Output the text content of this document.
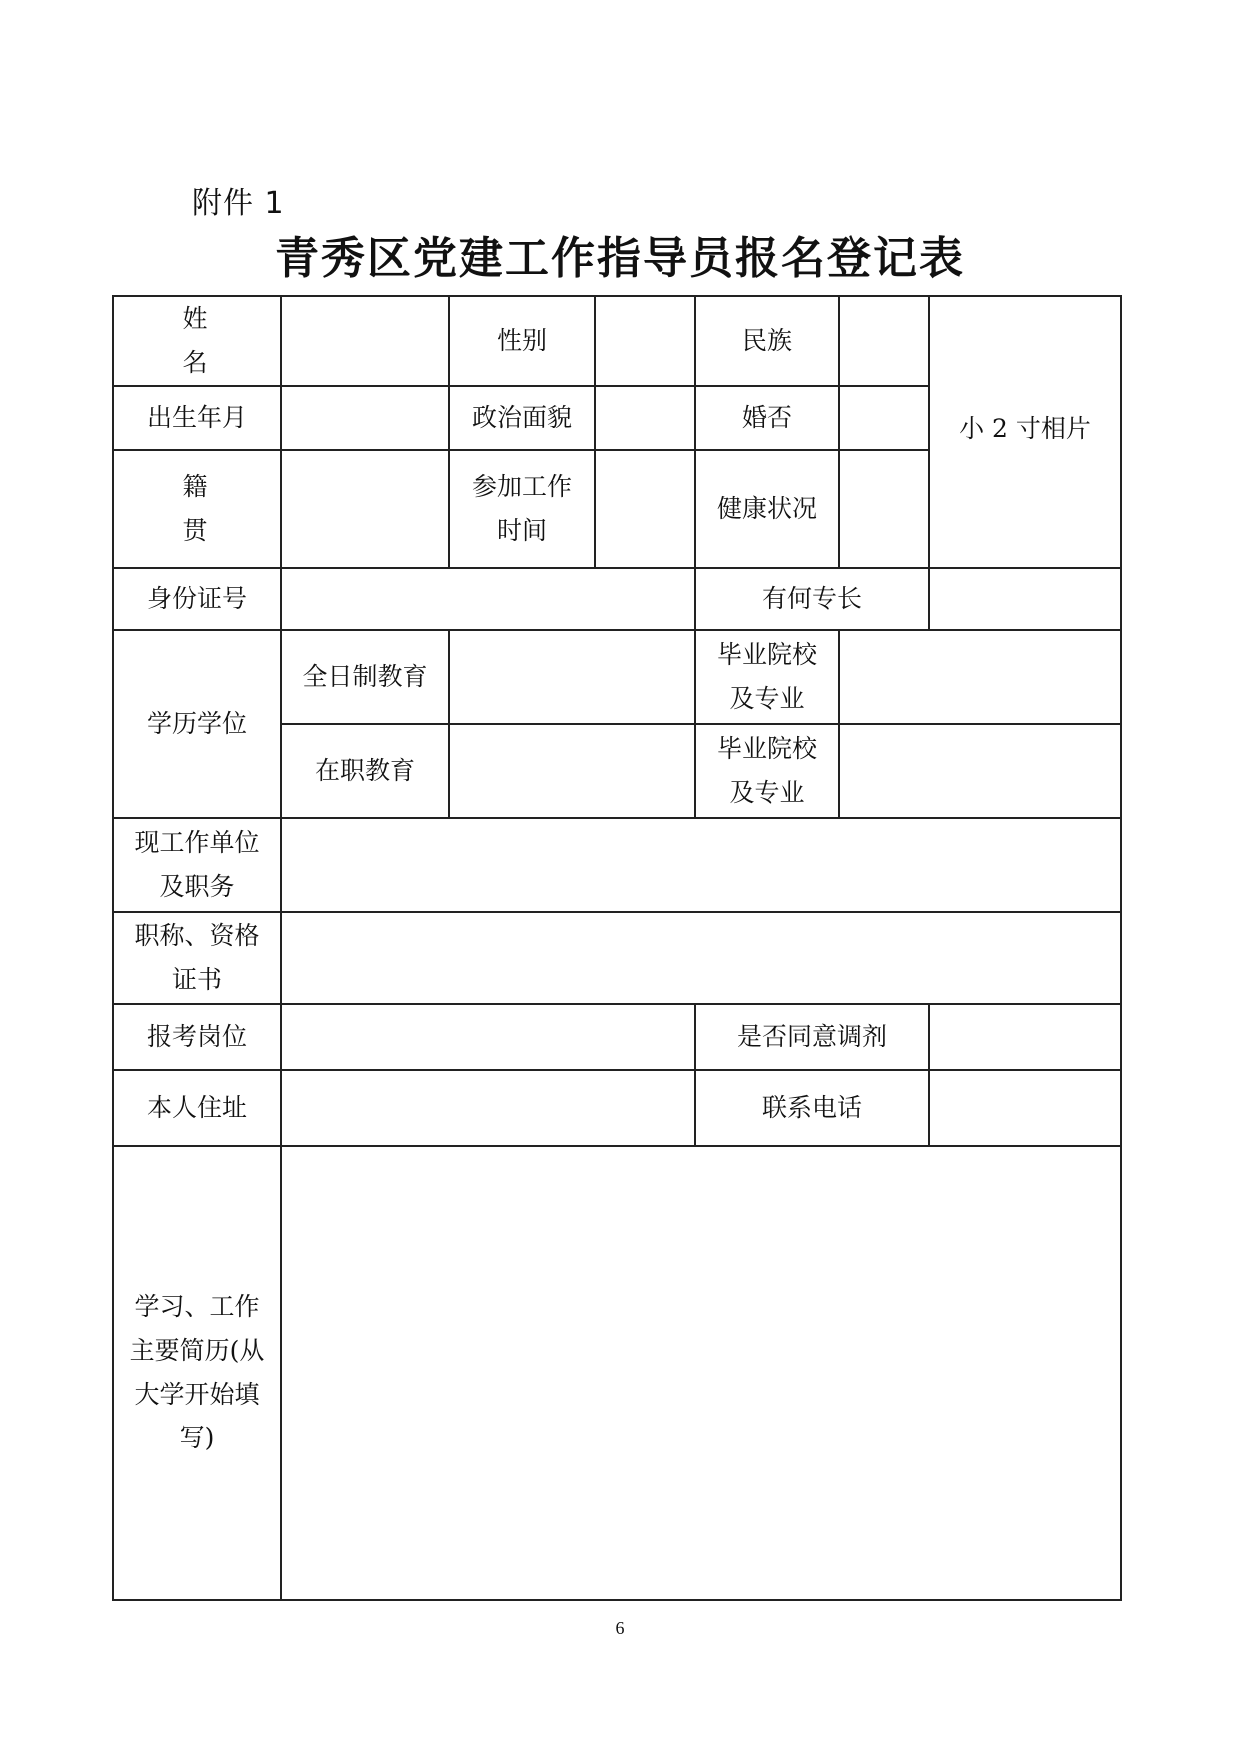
附件 1
青秀区党建工作指导员报名登记表
姓名		性别		民族		小 2 寸相片
出生年月		政治面貌		婚否		
籍贯		参加工作时间		健康状况		
身份证号				有何专长		
学历学位	全日制教育			毕业院校及专业		
	在职教育			毕业院校及专业		
现工作单位及职务						
职称、资格证书						
报考岗位				是否同意调剂		
本人住址				联系电话		
学习、工作主要简历(从大学开始填写)						
6
